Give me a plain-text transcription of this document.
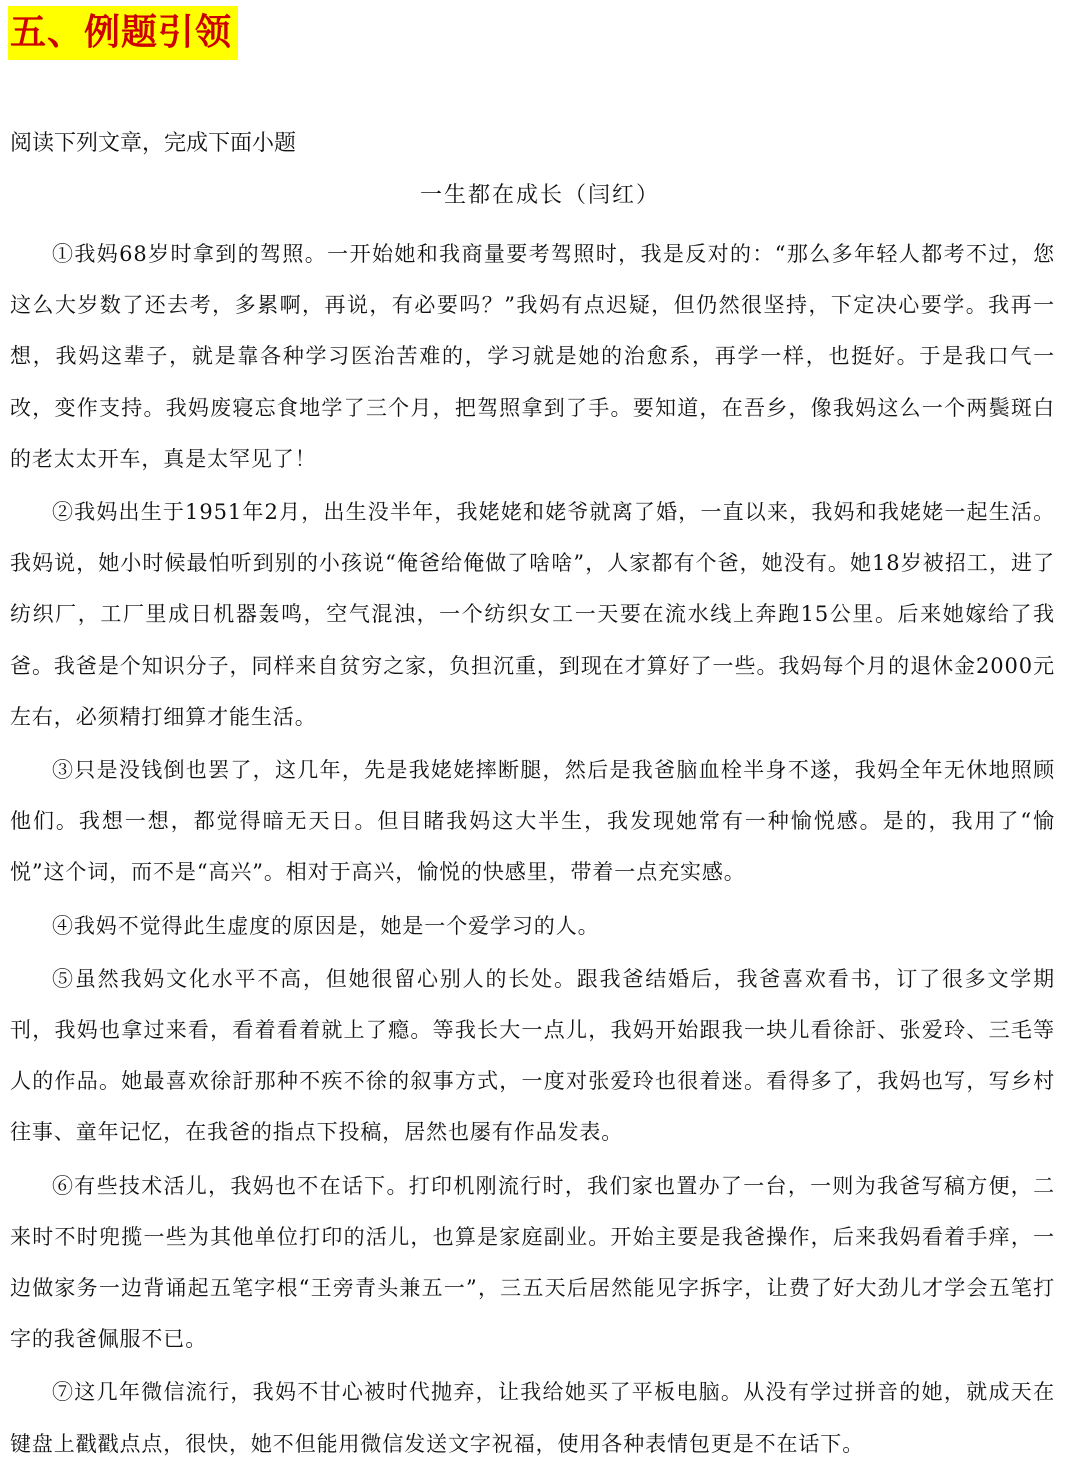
五、例题引领
阅读下列文章，完成下面小题
一生都在成长（闫红）

①我妈68岁时拿到的驾照。一开始她和我商量要考驾照时，我是反对的：“那么多年轻人都考不过，您这么大岁数了还去考，多累啊，再说，有必要吗？”我妈有点迟疑，但仍然很坚持，下定决心要学。我再一想，我妈这辈子，就是靠各种学习医治苦难的，学习就是她的治愈系，再学一样，也挺好。于是我口气一改，变作支持。我妈废寝忘食地学了三个月，把驾照拿到了手。要知道，在吾乡，像我妈这么一个两鬓斑白的老太太开车，真是太罕见了！

②我妈出生于1951年2月，出生没半年，我姥姥和姥爷就离了婚，一直以来，我妈和我姥姥一起生活。我妈说，她小时候最怕听到别的小孩说“俺爸给俺做了啥啥”，人家都有个爸，她没有。她18岁被招工，进了纺织厂，工厂里成日机器轰鸣，空气混浊，一个纺织女工一天要在流水线上奔跑15公里。后来她嫁给了我爸。我爸是个知识分子，同样来自贫穷之家，负担沉重，到现在才算好了一些。我妈每个月的退休金2000元左右，必须精打细算才能生活。

③只是没钱倒也罢了，这几年，先是我姥姥摔断腿，然后是我爸脑血栓半身不遂，我妈全年无休地照顾他们。我想一想，都觉得暗无天日。但目睹我妈这大半生，我发现她常有一种愉悦感。是的，我用了“愉悦”这个词，而不是“高兴”。相对于高兴，愉悦的快感里，带着一点充实感。

④我妈不觉得此生虚度的原因是，她是一个爱学习的人。

⑤虽然我妈文化水平不高，但她很留心别人的长处。跟我爸结婚后，我爸喜欢看书，订了很多文学期刊，我妈也拿过来看，看着看着就上了瘾。等我长大一点儿，我妈开始跟我一块儿看徐訏、张爱玲、三毛等人的作品。她最喜欢徐訏那种不疾不徐的叙事方式，一度对张爱玲也很着迷。看得多了，我妈也写，写乡村往事、童年记忆，在我爸的指点下投稿，居然也屡有作品发表。

⑥有些技术活儿，我妈也不在话下。打印机刚流行时，我们家也置办了一台，一则为我爸写稿方便，二来时不时兜揽一些为其他单位打印的活儿，也算是家庭副业。开始主要是我爸操作，后来我妈看着手痒，一边做家务一边背诵起五笔字根“王旁青头兼五一”，三五天后居然能见字拆字，让费了好大劲儿才学会五笔打字的我爸佩服不已。

⑦这几年微信流行，我妈不甘心被时代抛弃，让我给她买了平板电脑。从没有学过拼音的她，就成天在键盘上戳戳点点，很快，她不但能用微信发送文字祝福，使用各种表情包更是不在话下。
